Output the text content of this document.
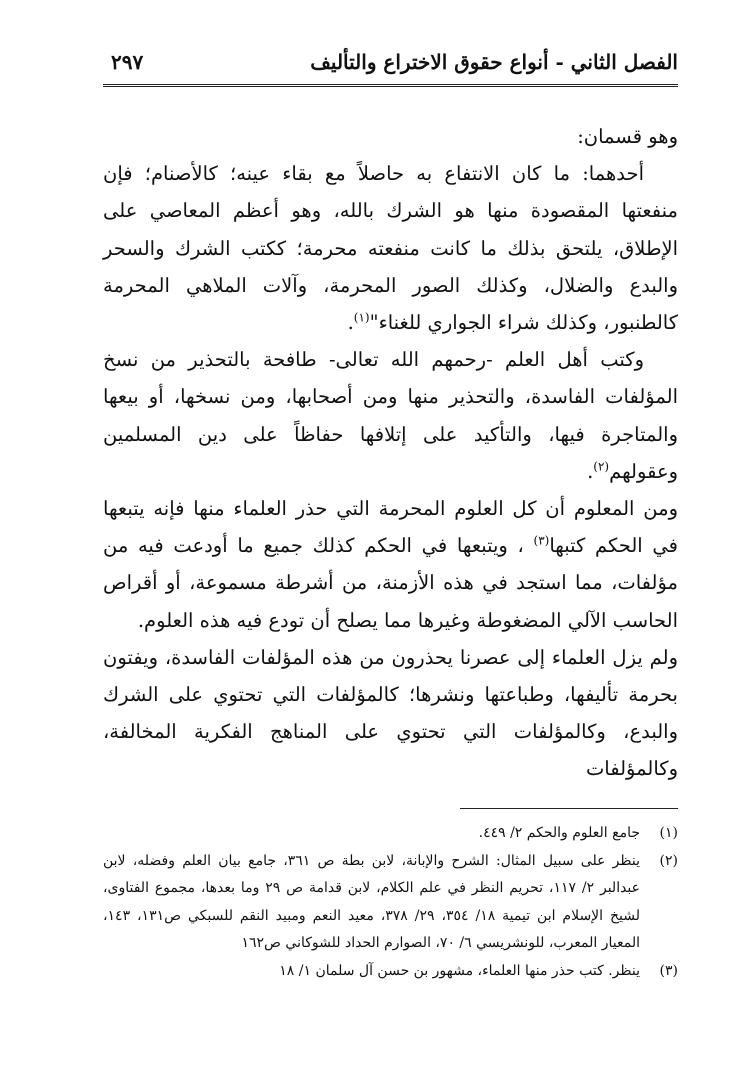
الفصل الثاني - أنواع حقوق الاختراع والتأليف
٢٩٧

وهو قسمان:

أحدهما: ما كان الانتفاع به حاصلاً مع بقاء عينه؛ كالأصنام؛ فإن منفعتها المقصودة منها هو الشرك بالله، وهو أعظم المعاصي على الإطلاق، يلتحق بذلك ما كانت منفعته محرمة؛ ككتب الشرك والسحر والبدع والضلال، وكذلك الصور المحرمة، وآلات الملاهي المحرمة كالطنبور، وكذلك شراء الجواري للغناء"$^{(١)}$.

وكتب أهل العلم -رحمهم الله تعالى- طافحة بالتحذير من نسخ المؤلفات الفاسدة، والتحذير منها ومن أصحابها، ومن نسخها، أو بيعها والمتاجرة فيها، والتأكيد على إتلافها حفاظاً على دين المسلمين وعقولهم$^{(٢)}$.

ومن المعلوم أن كل العلوم المحرمة التي حذر العلماء منها فإنه يتبعها في الحكم كتبها$^{(٣)}$ ، ويتبعها في الحكم كذلك جميع ما أودعت فيه من مؤلفات، مما استجد في هذه الأزمنة، من أشرطة مسموعة، أو أقراص الحاسب الآلي المضغوطة وغيرها مما يصلح أن تودع فيه هذه العلوم.

ولم يزل العلماء إلى عصرنا يحذرون من هذه المؤلفات الفاسدة، ويفتون بحرمة تأليفها، وطباعتها ونشرها؛ كالمؤلفات التي تحتوي على الشرك والبدع، وكالمؤلفات التي تحتوي على المناهج الفكرية المخالفة، وكالمؤلفات

(١)
جامع العلوم والحكم ٢/ ٤٤٩.
(٢)
ينظر على سبيل المثال: الشرح والإبانة، لابن بطة ص ٣٦١، جامع بيان العلم وفضله، لابن عبدالبر ٢/ ١١٧، تحريم النظر في علم الكلام، لابن قدامة ص ٢٩ وما بعدها، مجموع الفتاوى، لشيخ الإسلام ابن تيمية ١٨/ ٣٥٤، ٢٩/ ٣٧٨، معيد النعم ومبيد النقم للسبكي ص١٣١، ١٤٣، المعيار المعرب، للونشريسي ٦/ ٧٠، الصوارم الحداد للشوكاني ص١٦٢
(٣)
ينظر. كتب حذر منها العلماء، مشهور بن حسن آل سلمان ١/ ١٨
